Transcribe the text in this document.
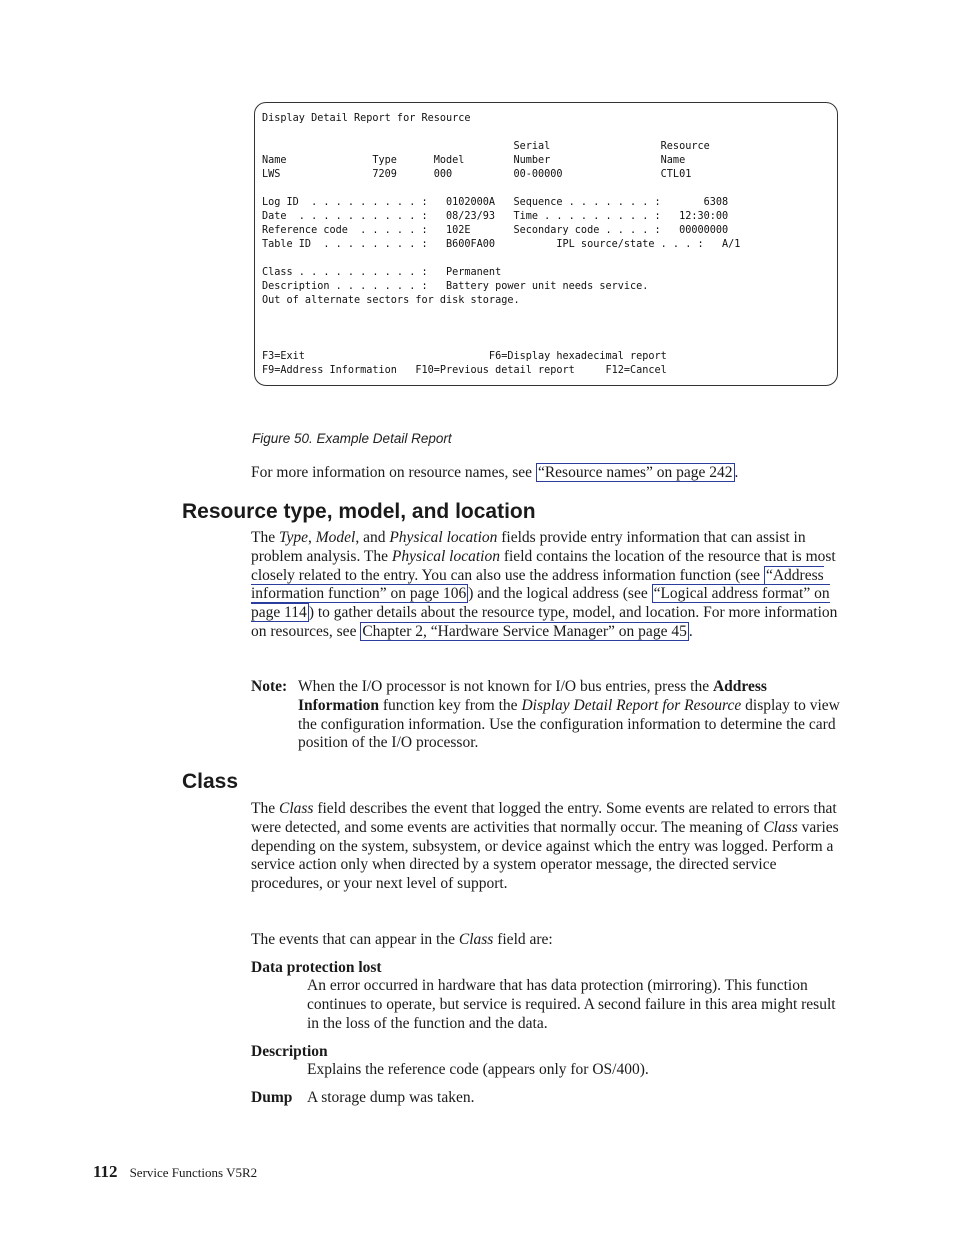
Display Detail Report for Resource

Serial                  Resource
Name              Type      Model        Number                  Name
LWS               7209      000          00-00000                CTL01

Log ID  . . . . . . . . . :   0102000A   Sequence . . . . . . . :       6308
Date  . . . . . . . . . . :   08/23/93   Time . . . . . . . . . :   12:30:00
Reference code  . . . . . :   102E       Secondary code . . . . :   00000000
Table ID  . . . . . . . . :   B600FA00          IPL source/state . . . :   A/1

Class . . . . . . . . . . :   Permanent
Description . . . . . . . :   Battery power unit needs service.
Out of alternate sectors for disk storage.

F3=Exit                              F6=Display hexadecimal report
F9=Address Information   F10=Previous detail report     F12=Cancel
Figure 50. Example Detail Report

For more information on resource names, see “Resource names” on page 242 .

Resource type, model, and location

The Type, Model, and Physical location fields provide entry information that can assist in problem analysis. The Physical location field contains the location of the resource that is most closely related to the entry. You can also use the address information function (see “Address information function” on page 106 ) and the logical address (see “Logical address format” on page 114 ) to gather details about the resource type, model, and location. For more information on resources, see Chapter 2, “Hardware Service Manager” on page 45 .

Note: When the I/O processor is not known for I/O bus entries, press the Address Information function key from the Display Detail Report for Resource display to view the configuration information. Use the configuration information to determine the card position of the I/O processor.
Class

The Class field describes the event that logged the entry. Some events are related to errors that were detected, and some events are activities that normally occur. The meaning of Class varies depending on the system, subsystem, or device against which the entry was logged. Perform a service action only when directed by a system operator message, the directed service procedures, or your next level of support.

The events that can appear in the Class field are:

Data protection lost

An error occurred in hardware that has data protection (mirroring). This function continues to operate, but service is required. A second failure in this area might result in the loss of the function and the data.

Description

Explains the reference code (appears only for OS/400).

Dump A storage dump was taken.

112 Service Functions V5R2
